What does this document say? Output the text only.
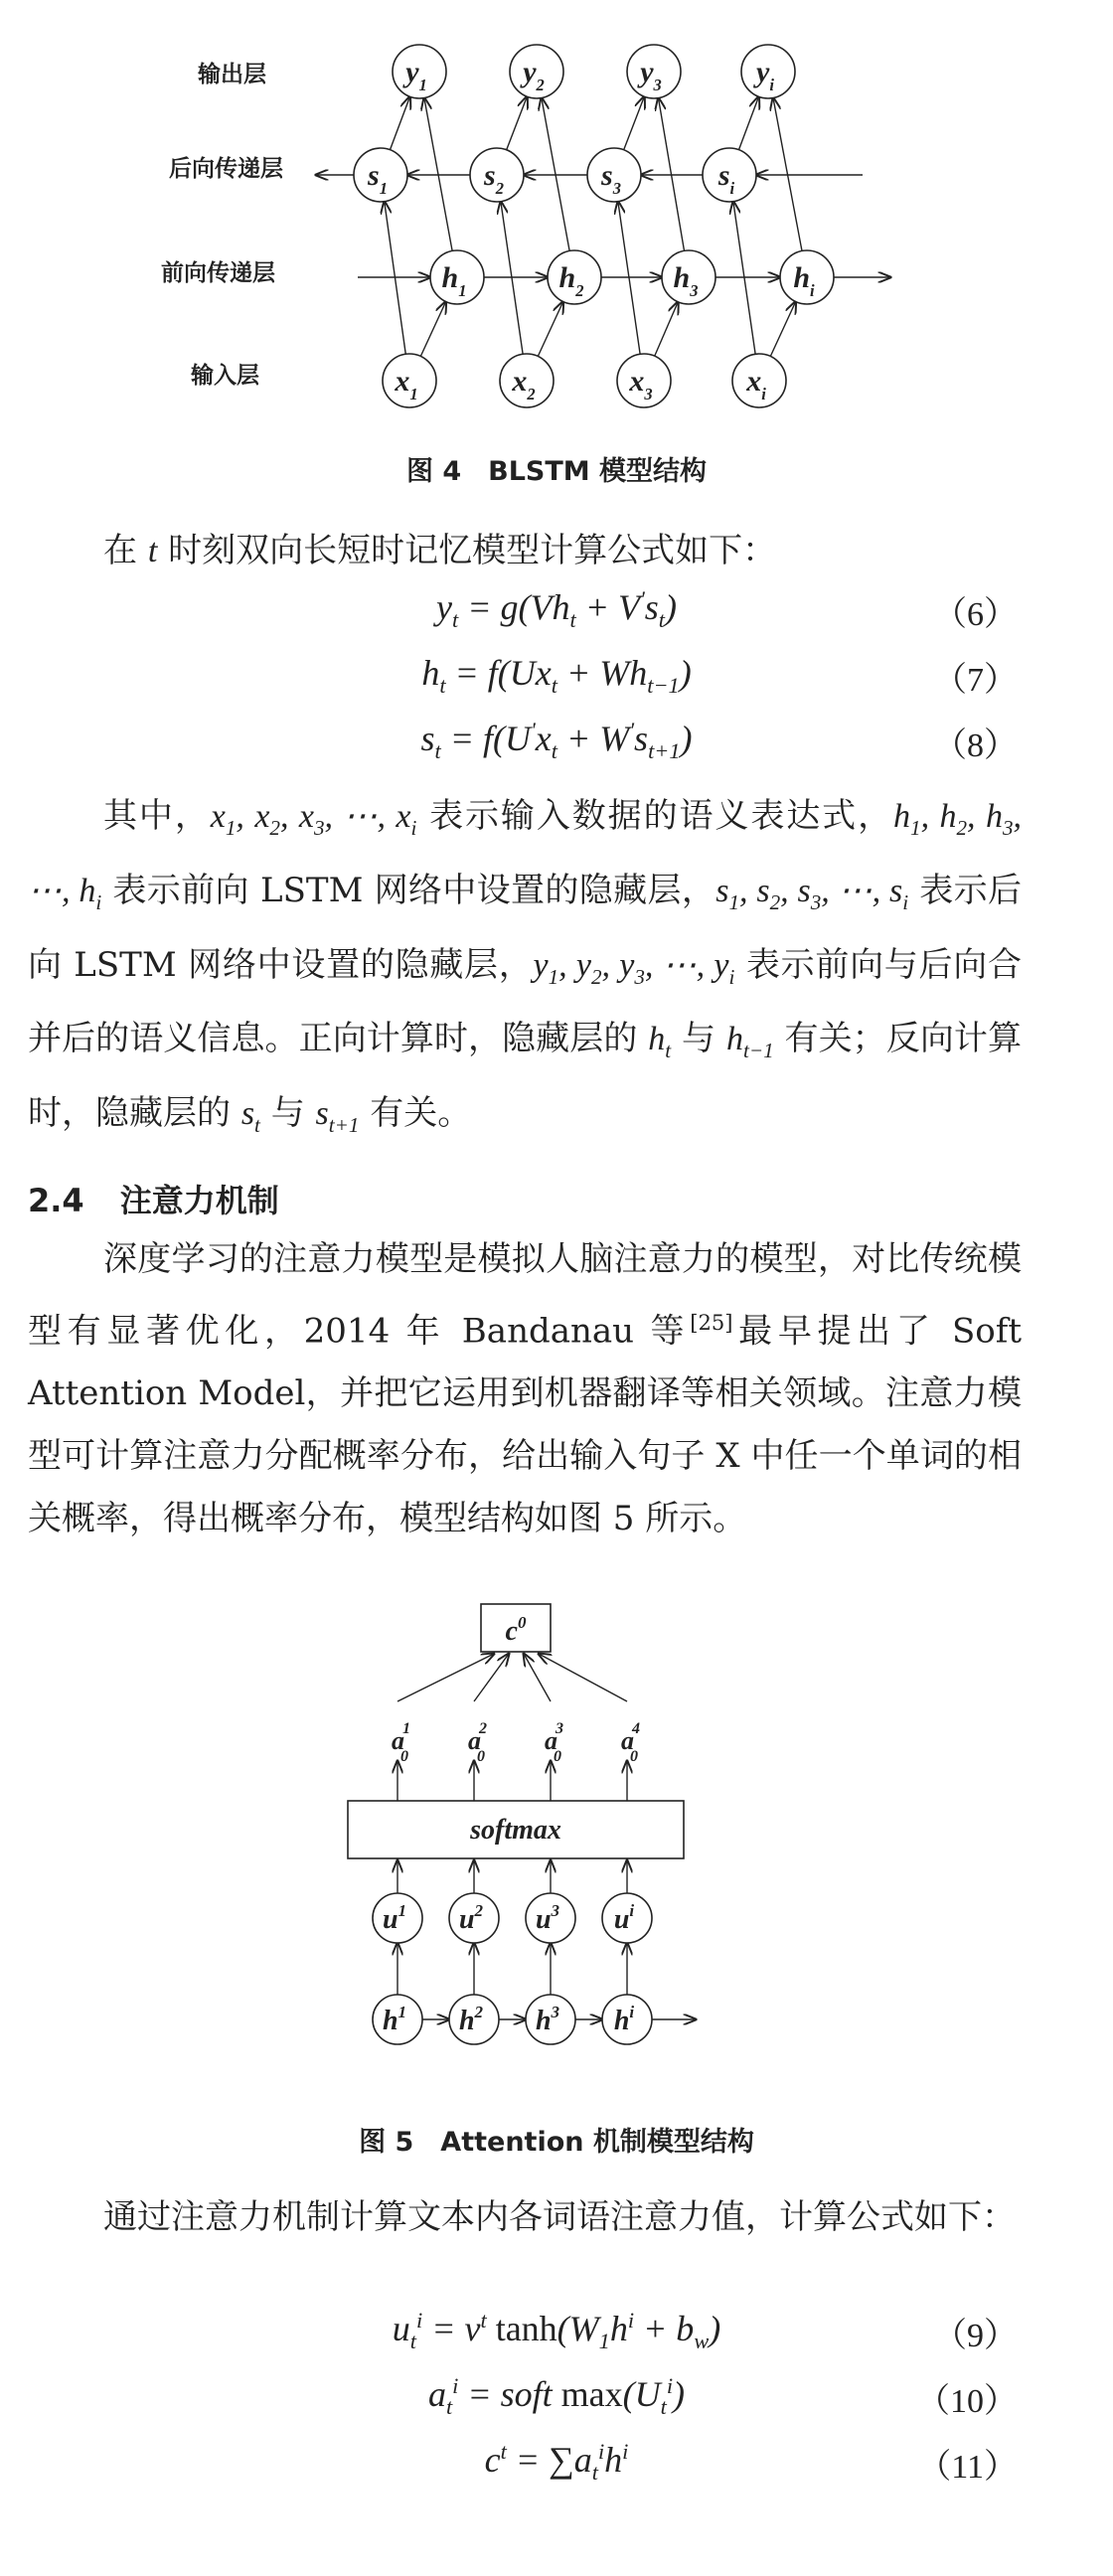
输出层
后向传递层
前向传递层
输入层
$y_1$	$y_2$	$y_3$	$y_i$
$s_1$	$s_2$	$s_3$	$s_i$
$h_1$	$h_2$	$h_3$	$h_i$
$x_1$	$x_2$	$x_3$	$x_i$
图 4　BLSTM 模型结构
在 t 时刻双向长短时记忆模型计算公式如下：
$y_t = g(Vh_t + V's_t)$	（6）
$h_t = f(Ux_t + Wh_{t-1})$	（7）
$s_t = f(U'x_t + W's_{t+1})$	（8）
其中，$x_1$, $x_2$, $x_3$, ⋯, $x_i$ 表示输入数据的语义表达式，$h_1$, $h_2$, $h_3$, ⋯, $h_i$ 表示前向 LSTM 网络中设置的隐藏层，$s_1$, $s_2$, $s_3$, ⋯, $s_i$ 表示后向 LSTM 网络中设置的隐藏层，$y_1$, $y_2$, $y_3$, ⋯, $y_i$ 表示前向与后向合并后的语义信息。正向计算时，隐藏层的 $h_t$ 与 $h_{t-1}$ 有关；反向计算时，隐藏层的 $s_t$ 与 $s_{t+1}$ 有关。
2.4 注意力机制
深度学习的注意力模型是模拟人脑注意力的模型，对比传统模型有显著优化，2014 年 Bandanau 等[25]最早提出了 Soft Attention Model，并把它运用到机器翻译等相关领域。注意力模型可计算注意力分配概率分布，给出输入句子 X 中任一个单词的相关概率，得出概率分布，模型结构如图 5 所示。
$c^0$
softmax
a1 0
a2 0
a3 0
a4 0
$u^1$ $u^2$ $u^3$ $u^i$
$h^1$ $h^2$ $h^3$ $h^i$
图 5　Attention 机制模型结构
通过注意力机制计算文本内各词语注意力值，计算公式如下：
$u_t^i = v^t$ $\tanh(W_1h^i + b_w)$	（9）
$a_t^i$ = soft $\max(U_t^i)$	（10）
$c^t = \sum a_t^ih^i$	（11）
